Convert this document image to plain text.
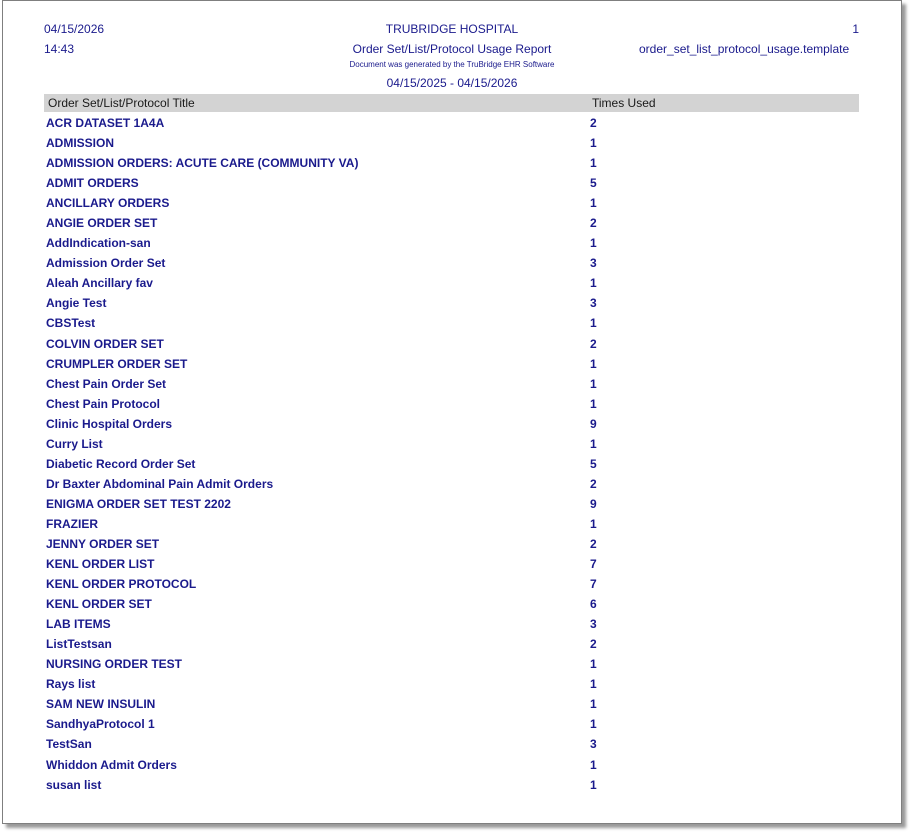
04/15/2026
14:43
TRUBRIDGE HOSPITAL
Order Set/List/Protocol Usage Report
Document was generated by the TruBridge EHR Software
04/15/2025 - 04/15/2026
1
order_set_list_protocol_usage.template
Order Set/List/Protocol Title	Times Used
ACR DATASET 1A4A	2
ADMISSION	1
ADMISSION ORDERS: ACUTE CARE (COMMUNITY VA)	1
ADMIT ORDERS	5
ANCILLARY ORDERS	1
ANGIE ORDER SET	2
AddIndication-san	1
Admission Order Set	3
Aleah Ancillary fav	1
Angie Test	3
CBSTest	1
COLVIN ORDER SET	2
CRUMPLER ORDER SET	1
Chest Pain Order Set	1
Chest Pain Protocol	1
Clinic Hospital Orders	9
Curry List	1
Diabetic Record Order Set	5
Dr Baxter Abdominal Pain Admit Orders	2
ENIGMA ORDER SET TEST 2202	9
FRAZIER	1
JENNY ORDER SET	2
KENL ORDER LIST	7
KENL ORDER PROTOCOL	7
KENL ORDER SET	6
LAB ITEMS	3
ListTestsan	2
NURSING ORDER TEST	1
Rays list	1
SAM NEW INSULIN	1
SandhyaProtocol 1	1
TestSan	3
Whiddon Admit Orders	1
susan list	1
